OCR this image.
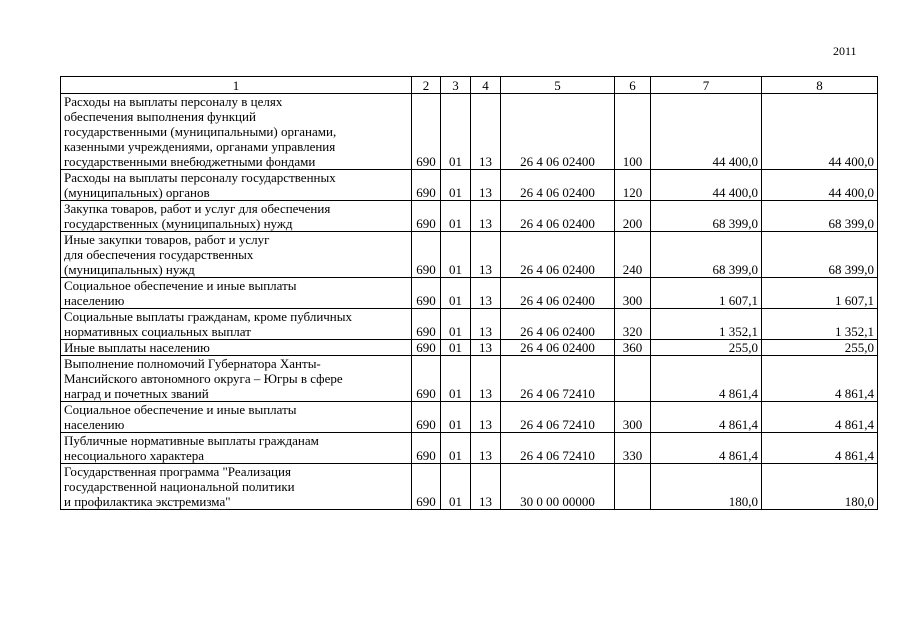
2011
1	2	3	4	5	6	7	8
Расходы на выплаты персоналу в целях
обеспечения выполнения функций
государственными (муниципальными) органами,
казенными учреждениями, органами управления
государственными внебюджетными фондами	690	01	13	26 4 06 02400	100	44 400,0	44 400,0
Расходы на выплаты персоналу государственных
(муниципальных) органов	690	01	13	26 4 06 02400	120	44 400,0	44 400,0
Закупка товаров, работ и услуг для обеспечения
государственных (муниципальных) нужд	690	01	13	26 4 06 02400	200	68 399,0	68 399,0
Иные закупки товаров, работ и услуг
для обеспечения государственных
(муниципальных) нужд	690	01	13	26 4 06 02400	240	68 399,0	68 399,0
Социальное обеспечение и иные выплаты
населению	690	01	13	26 4 06 02400	300	1 607,1	1 607,1
Социальные выплаты гражданам, кроме публичных
нормативных социальных выплат	690	01	13	26 4 06 02400	320	1 352,1	1 352,1
Иные выплаты населению	690	01	13	26 4 06 02400	360	255,0	255,0
Выполнение полномочий Губернатора Ханты-
Мансийского автономного округа – Югры в сфере
наград и почетных званий	690	01	13	26 4 06 72410		4 861,4	4 861,4
Социальное обеспечение и иные выплаты
населению	690	01	13	26 4 06 72410	300	4 861,4	4 861,4
Публичные нормативные выплаты гражданам
несоциального характера	690	01	13	26 4 06 72410	330	4 861,4	4 861,4
Государственная программа "Реализация
государственной национальной политики
и профилактика экстремизма"	690	01	13	30 0 00 00000		180,0	180,0
